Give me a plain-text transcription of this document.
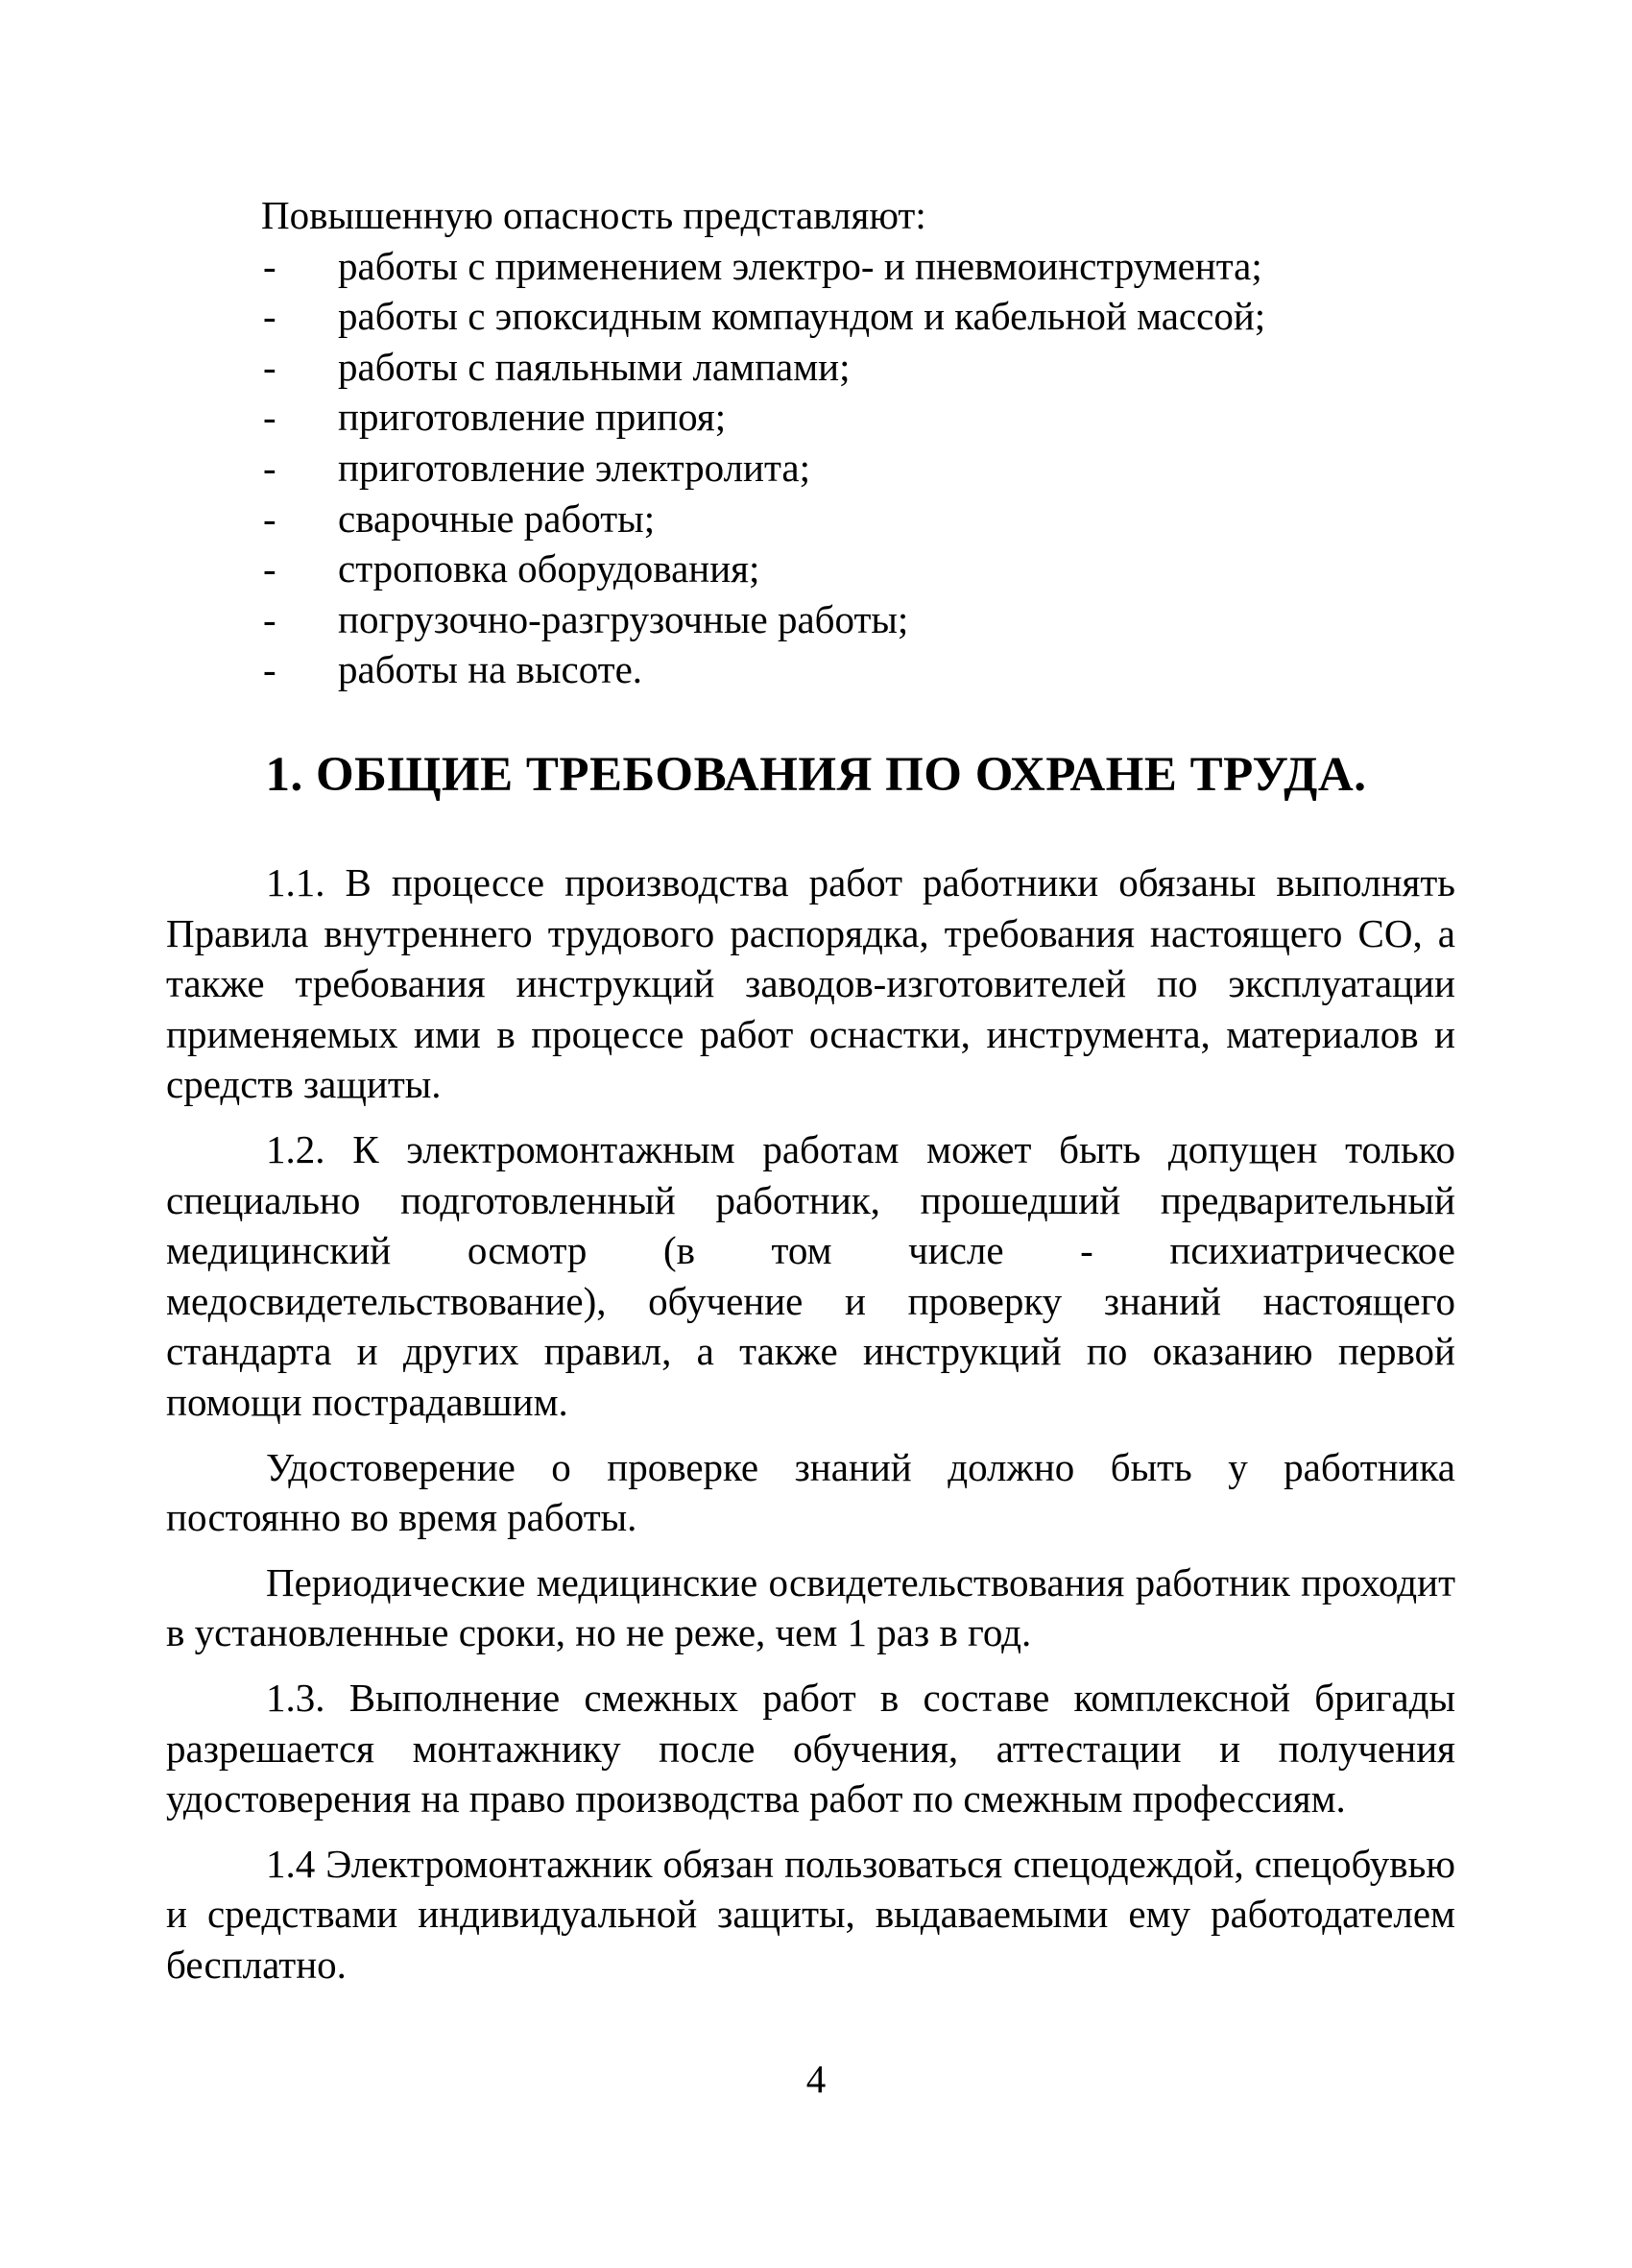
Повышенную опасность представляют:

- работы с применением электро- и пневмоинструмента;
- работы с эпоксидным компаундом и кабельной массой;
- работы с паяльными лампами;
- приготовление припоя;
- приготовление электролита;
- сварочные работы;
- строповка оборудования;
- погрузочно-разгрузочные работы;
- работы на высоте.
1. ОБЩИЕ ТРЕБОВАНИЯ ПО ОХРАНЕ ТРУДА.

1.1. В процессе производства работ работники обязаны выполнять Правила внутреннего трудового распорядка, требования настоящего СО, а также требования инструкций заводов-изготовителей по эксплуатации применяемых ими в процессе работ оснастки, инструмента, материалов и средств защиты.

1.2. К электромонтажным работам может быть допущен только специально подготовленный работник, прошедший предварительный медицинский осмотр (в том числе - психиатрическое медосвидетельствование), обучение и проверку знаний настоящего стандарта и других правил, а также инструкций по оказанию первой помощи пострадавшим.

Удостоверение о проверке знаний должно быть у работника постоянно во время работы.

Периодические медицинские освидетельствования работник проходит в установленные сроки, но не реже, чем 1 раз в год.

1.3. Выполнение смежных работ в составе комплексной бригады разрешается монтажнику после обучения, аттестации и получения удостоверения на право производства работ по смежным профессиям.

1.4 Электромонтажник обязан пользоваться спецодеждой, спецобувью и средствами индивидуальной защиты, выдаваемыми ему работодателем бесплатно.

4
